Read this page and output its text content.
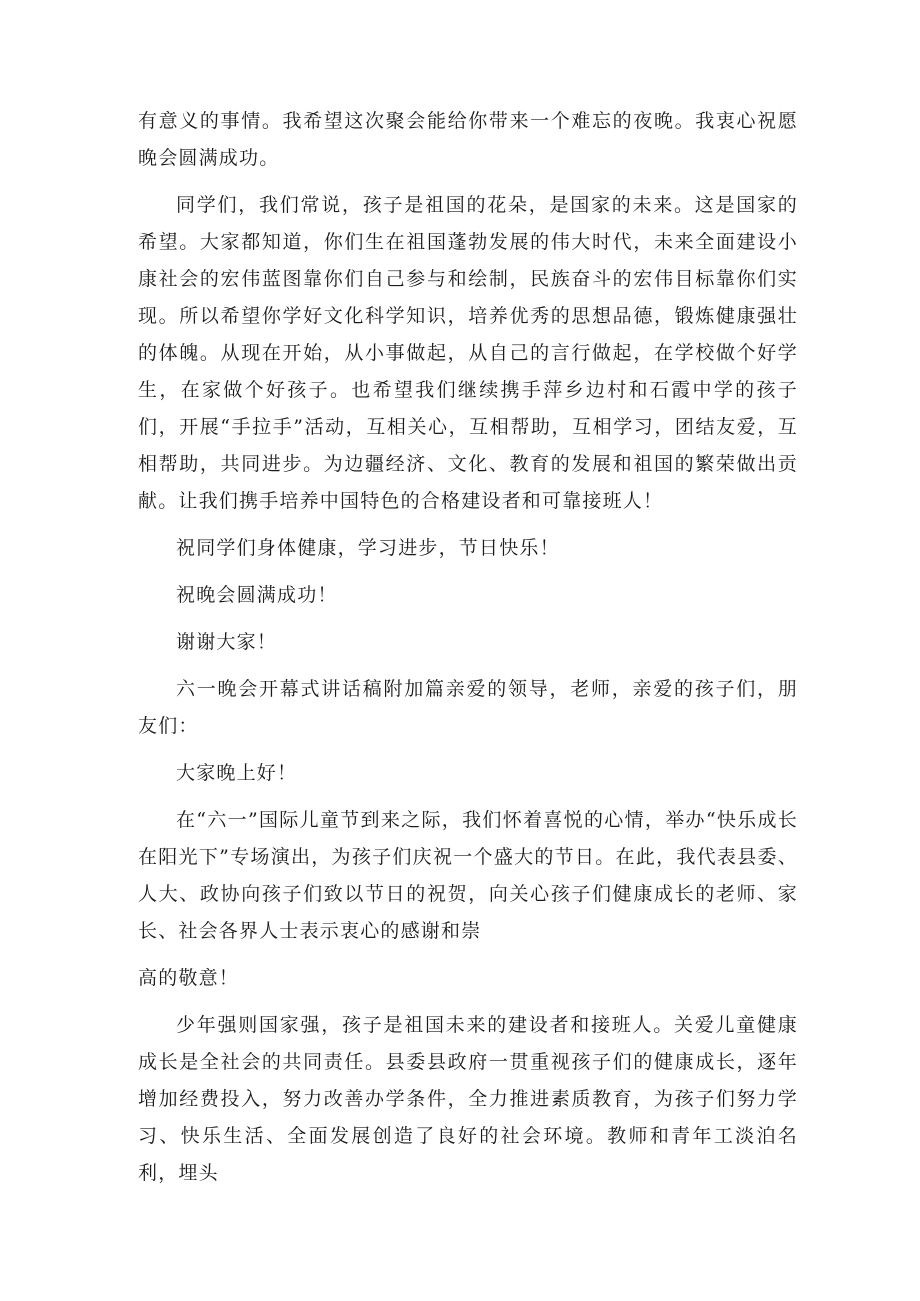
有意义的事情。我希望这次聚会能给你带来一个难忘的夜晚。我衷心祝愿晚会圆满成功。

同学们，我们常说，孩子是祖国的花朵，是国家的未来。这是国家的希望。大家都知道，你们生在祖国蓬勃发展的伟大时代，未来全面建设小康社会的宏伟蓝图靠你们自己参与和绘制，民族奋斗的宏伟目标靠你们实现。所以希望你学好文化科学知识，培养优秀的思想品德，锻炼健康强壮的体魄。从现在开始，从小事做起，从自己的言行做起，在学校做个好学生，在家做个好孩子。也希望我们继续携手萍乡边村和石霞中学的孩子们，开展“手拉手”活动，互相关心，互相帮助，互相学习，团结友爱，互相帮助，共同进步。为边疆经济、文化、教育的发展和祖国的繁荣做出贡献。让我们携手培养中国特色的合格建设者和可靠接班人！

祝同学们身体健康，学习进步，节日快乐！

祝晚会圆满成功！

谢谢大家！

六一晚会开幕式讲话稿附加篇亲爱的领导，老师，亲爱的孩子们，朋友们：

大家晚上好！

在“六一”国际儿童节到来之际，我们怀着喜悦的心情，举办“快乐成长在阳光下”专场演出，为孩子们庆祝一个盛大的节日。在此，我代表县委、人大、政协向孩子们致以节日的祝贺，向关心孩子们健康成长的老师、家长、社会各界人士表示衷心的感谢和崇

高的敬意！

少年强则国家强，孩子是祖国未来的建设者和接班人。关爱儿童健康成长是全社会的共同责任。县委县政府一贯重视孩子们的健康成长，逐年增加经费投入，努力改善办学条件，全力推进素质教育，为孩子们努力学习、快乐生活、全面发展创造了良好的社会环境。教师和青年工淡泊名利，埋头
